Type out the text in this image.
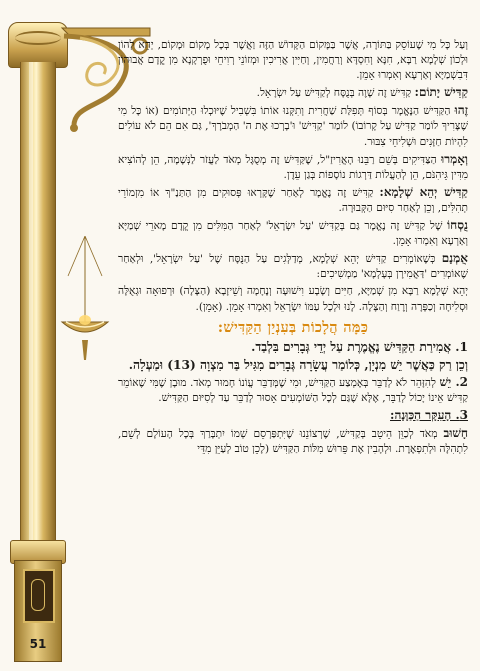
51

וְעַל כָּל מִי שֶׁעוֹסֵק בַּתּוֹרָה, אֲשֶׁר בַּמָּקוֹם הַקָּדוֹשׁ הַזֶּה וַאֲשֶׁר בְּכָל מָקוֹם וּמָקוֹם, יְהֵא לְהוֹן וּלְכוֹן שְׁלָמָא רַבָּא, חִנָּא וְחִסְדָּא וְרַחֲמִין, וְחַיִּין אֲרִיכִין וּמְזוֹנֵי רְוִיחֵי וּפֻרְקָנָא מִן קֳדָם אֲבוּהוֹן דִּבִשְׁמַיָּא וְאַרְעָא וְאִמְרוּ אָמֵן.

קַדִּישׁ יָתוֹם: קַדִּישׁ זֶה שָׁוֶה בְּנֻסָּח לְקַדִּישׁ עַל יִשְׂרָאֵל.

זֶהוּ הַקַּדִּישׁ הַנֶּאֱמָר בְּסוֹף תְּפִלַּת שַׁחֲרִית וְתִקְּנוּ אוֹתוֹ בִּשְׁבִיל שֶׁיּוּכְלוּ הַיְּתוֹמִים (אוֹ כָּל מִי שֶׁצָּרִיךְ לוֹמַר קַדִּישׁ עַל קָרוֹבוֹ) לוֹמַר 'קַדִּישׁ' וּ'בָרְכוּ אֶת ה' הַמְבֹרָךְ', גַּם אִם הֵם לֹא עוֹלִים לִהְיוֹת חַזָּנִים וּשְׁלִיחֵי צִבּוּר.

וְאָמְרוּ הַצַּדִּיקִים בְּשֵׁם רַבֵּנוּ הָאֲרִיזַ"ל, שֶׁקַּדִּישׁ זֶה מְסֻגָּל מְאֹד לַעֲזֹר לַנְּשָׁמָה, הֵן לְהוֹצִיא מִדִּין גֵּיהִנֹּם, הֵן לְהַעֲלוֹת דַּרְגוֹת נוֹסָפוֹת בְּגַן עֵדֶן.

קַדִּישׁ יְהֵא שְׁלָמָא: קַדִּישׁ זֶה נֶאֱמָר לְאַחַר שֶׁקָּרְאוּ פְּסוּקִים מִן הַתַּנַ"ךְ אוֹ מִזְמוֹרֵי תְהִלִּים, וְכֵן לְאַחַר סִיּוּם הַקְּבוּרָה.

נֻסְחוֹ שֶׁל קַדִּישׁ זֶה נֶאֱמָר גַּם בְּקַדִּישׁ 'עַל יִשְׂרָאֵל' לְאַחַר הַמִּלִּים מִן קֳדָם מָארֵי שְׁמַיָּא וְאַרְעָא וְאִמְרוּ אָמֵן.

אֻמְנָם כְּשֶׁאוֹמְרִים קַדִּישׁ יְהֵא שְׁלָמָא, מְדַלְּגִים עַל הַנֻּסָּח שֶׁל 'עַל יִשְׂרָאֵל', וּלְאַחַר שֶׁאוֹמְרִים 'דַּאֲמִירָן בְּעָלְמָא' מַמְשִׁיכִים:

יְהֵא שְׁלָמָא רַבָּא מִן שְׁמַיָּא, חַיִּים וְשָׂבָע וִישׁוּעָה וְנֶחָמָה וְשֵׁיזָבָא (הַצָּלָה) וּרְפוּאָה וּגְאֻלָּה וּסְלִיחָה וְכַפָּרָה וְרֶוַח וְהַצָּלָה. לָנוּ וּלְכָל עַמּוֹ יִשְׂרָאֵל וְאִמְרוּ אָמֵן. (אָמֵן).

כַּמָּה הֲלָכוֹת בְּעִנְיַן הַקַּדִּישׁ:

1. אֲמִירַת הַקַּדִּישׁ נֶאֱמֶרֶת עַל יְדֵי גְּבָרִים בִּלְבַד.

וְכֵן רַק כַּאֲשֶׁר יֵשׁ מִנְיָן, כְּלוֹמַר עֲשָׂרָה גְּבָרִים מִגִּיל בַּר מִצְוָה (13) וּמַעְלָה.

2. יֵשׁ לְהִזָּהֵר לֹא לְדַבֵּר בְּאֶמְצַע הַקַּדִּישׁ, וּמִי שֶׁמְּדַבֵּר עֲוֹנוֹ חָמוּר מְאֹד. מוּבָן שֶׁמִּי שֶׁאוֹמֵר קַדִּישׁ אֵינוֹ יָכוֹל לְדַבֵּר, אֶלָּא שֶׁגַּם לְכָל הַשּׁוֹמְעִים אָסוּר לְדַבֵּר עַד לְסִיּוּם הַקַּדִּישׁ.

3. הָעִקָּר הַכַּוָּנָה:

חָשׁוּב מְאֹד לְכַוֵּן הֵיטֵב בְּקַדִּישׁ, שֶׁרְצוֹנֵנוּ שֶׁיִּתְפַּרְסֵם שְׁמוֹ יִתְבָּרַךְ בְּכָל הָעוֹלָם לְשֵׁם, לִתְהִלָּה וּלְתִפְאֶרֶת. וּלְהָבִין אֶת פֵּרוּשׁ מִלּוֹת הַקַּדִּישׁ (לָכֵן טוֹב לְעַיֵּן מִדֵּי
